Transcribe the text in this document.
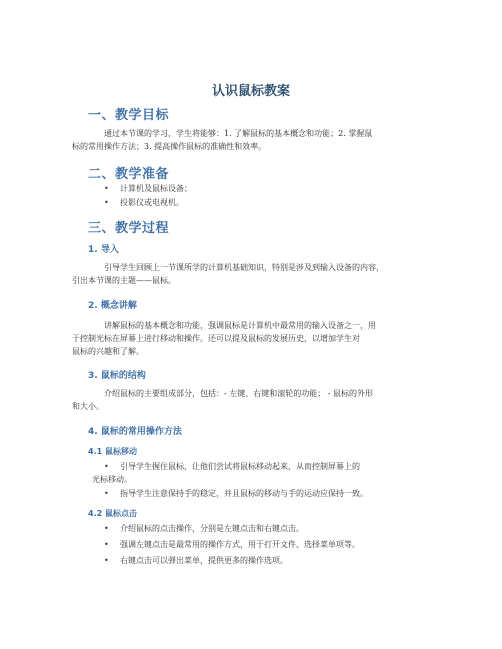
认识鼠标教案
一、教学目标
通过本节课的学习，学生将能够：1. 了解鼠标的基本概念和功能；2. 掌握鼠
标的常用操作方法；3. 提高操作鼠标的准确性和效率。
二、教学准备
•	计算机及鼠标设备；
•	投影仪或电视机。
三、教学过程
1. 导入
引导学生回顾上一节课所学的计算机基础知识，特别是涉及到输入设备的内容，
引出本节课的主题——鼠标。
2. 概念讲解
讲解鼠标的基本概念和功能，强调鼠标是计算机中最常用的输入设备之一，用
于控制光标在屏幕上进行移动和操作。还可以提及鼠标的发展历史，以增加学生对
鼠标的兴趣和了解。
3. 鼠标的结构
介绍鼠标的主要组成部分，包括：- 左键、右键和滚轮的功能； - 鼠标的外形
和大小。
4. 鼠标的常用操作方法
4.1 鼠标移动
•	引导学生握住鼠标，让他们尝试将鼠标移动起来，从而控制屏幕上的
光标移动。
•	指导学生注意保持手的稳定，并且鼠标的移动与手的运动应保持一致。
4.2 鼠标点击
•	介绍鼠标的点击操作，分别是左键点击和右键点击。
•	强调左键点击是最常用的操作方式，用于打开文件、选择菜单项等。
•	右键点击可以弹出菜单，提供更多的操作选项。
